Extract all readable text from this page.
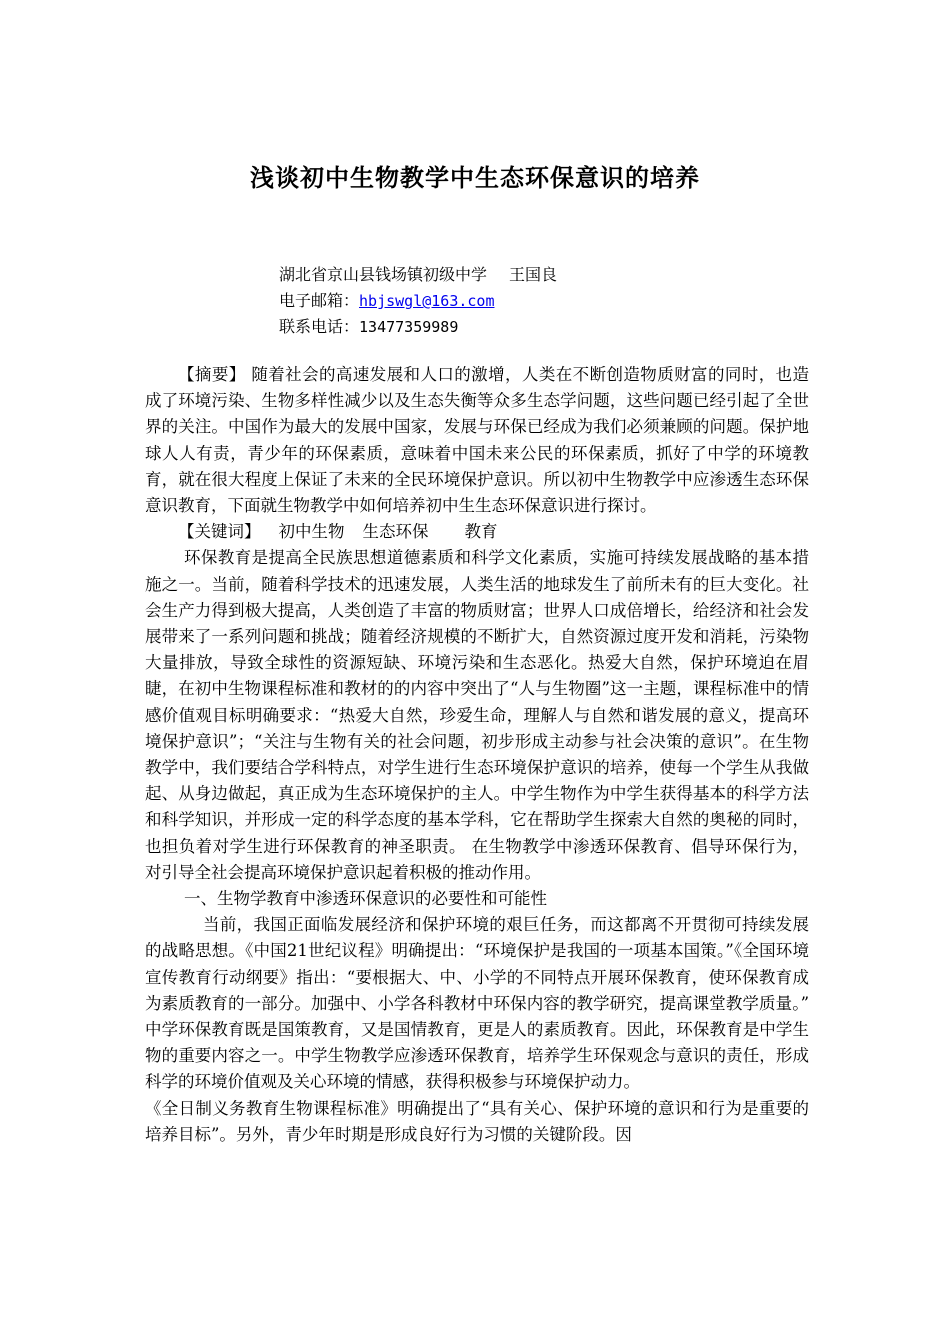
浅谈初中生物教学中生态环保意识的培养
湖北省京山县钱场镇初级中学 王国良
电子邮箱：hbjswgl@163.com
联系电话：13477359989

【摘要】 随着社会的高速发展和人口的激增，人类在不断创造物质财富的同时，也造成了环境污染、生物多样性减少以及生态失衡等众多生态学问题，这些问题已经引起了全世界的关注。中国作为最大的发展中国家，发展与环保已经成为我们必须兼顾的问题。保护地球人人有责，青少年的环保素质，意味着中国未来公民的环保素质，抓好了中学的环境教育，就在很大程度上保证了未来的全民环境保护意识。所以初中生物教学中应渗透生态环保意识教育，下面就生物教学中如何培养初中生生态环保意识进行探讨。

【关键词】 初中生物 生态环保 教育

环保教育是提高全民族思想道德素质和科学文化素质，实施可持续发展战略的基本措施之一。当前，随着科学技术的迅速发展，人类生活的地球发生了前所未有的巨大变化。社会生产力得到极大提高，人类创造了丰富的物质财富；世界人口成倍增长，给经济和社会发展带来了一系列问题和挑战；随着经济规模的不断扩大，自然资源过度开发和消耗，污染物大量排放，导致全球性的资源短缺、环境污染和生态恶化。热爱大自然，保护环境迫在眉睫，在初中生物课程标准和教材的的内容中突出了“人与生物圈”这一主题，课程标准中的情感价值观目标明确要求：“热爱大自然，珍爱生命，理解人与自然和谐发展的意义，提高环境保护意识”；“关注与生物有关的社会问题，初步形成主动参与社会决策的意识”。在生物教学中，我们要结合学科特点，对学生进行生态环境保护意识的培养，使每一个学生从我做起、从身边做起，真正成为生态环境保护的主人。中学生物作为中学生获得基本的科学方法和科学知识，并形成一定的科学态度的基本学科，它在帮助学生探索大自然的奥秘的同时，也担负着对学生进行环保教育的神圣职责。 在生物教学中渗透环保教育、倡导环保行为，对引导全社会提高环境保护意识起着积极的推动作用。

一、生物学教育中渗透环保意识的必要性和可能性

当前，我国正面临发展经济和保护环境的艰巨任务，而这都离不开贯彻可持续发展的战略思想。《中国21世纪议程》明确提出：“环境保护是我国的一项基本国策。”《全国环境宣传教育行动纲要》指出：“要根据大、中、小学的不同特点开展环保教育，使环保教育成为素质教育的一部分。加强中、小学各科教材中环保内容的教学研究，提高课堂教学质量。” 中学环保教育既是国策教育，又是国情教育，更是人的素质教育。因此，环保教育是中学生物的重要内容之一。中学生物教学应渗透环保教育，培养学生环保观念与意识的责任，形成科学的环境价值观及关心环境的情感，获得积极参与环境保护动力。

《全日制义务教育生物课程标准》明确提出了“具有关心、保护环境的意识和行为是重要的培养目标”。另外，青少年时期是形成良好行为习惯的关键阶段。因
